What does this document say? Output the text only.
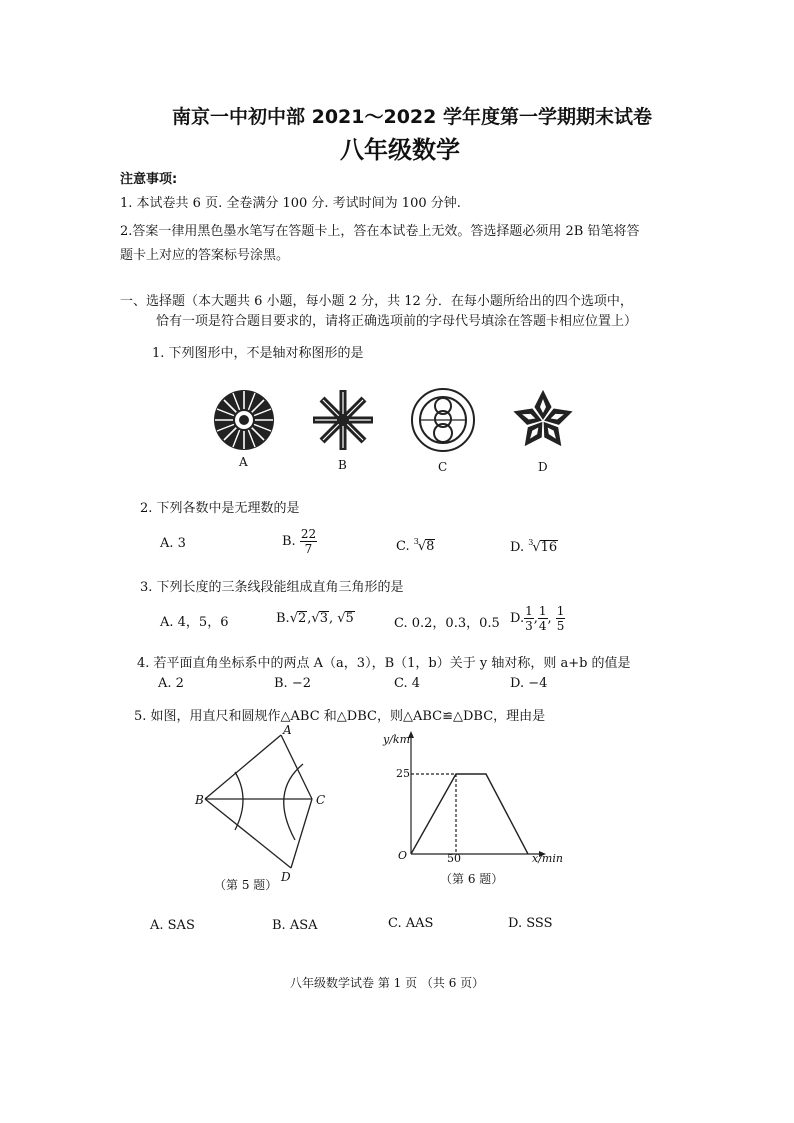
南京一中初中部 2021～2022 学年度第一学期期末试卷
八年级数学
注意事项:
1. 本试卷共 6 页. 全卷满分 100 分. 考试时间为 100 分钟.
2.答案一律用黑色墨水笔写在答题卡上，答在本试卷上无效。答选择题必须用 2B 铅笔将答
题卡上对应的答案标号涂黑。
一、选择题（本大题共 6 小题，每小题 2 分，共 12 分．在每小题所给出的四个选项中，
恰有一项是符合题目要求的，请将正确选项前的字母代号填涂在答题卡相应位置上）
1. 下列图形中，不是轴对称图形的是
A	B	C	D
2. 下列各数中是无理数的是
A. 3	B. $\frac{22}{7}$	C. $^3$√8	D. $^3$√16
3. 下列长度的三条线段能组成直角三角形的是
A. 4，5，6	B.√2,√3, √5	C. 0.2，0.3，0.5 D. $\frac{1}{3}$ , $\frac{1}{4}$ , $\frac{1}{5}$
4. 若平面直角坐标系中的两点 A（a，3），B（1，b）关于 y 轴对称，则 a+b 的值是
A. 2	B. −2	C. 4	D. −4
5. 如图，用直尺和圆规作△ABC 和△DBC，则△ABC≌△DBC，理由是
A
B	C
D
（第 5 题）
y/km
25
O	50	x/min
（第 6 题）
A. SAS	B. ASA	C. AAS	D. SSS
八年级数学试卷 第 1 页 （共 6 页）
